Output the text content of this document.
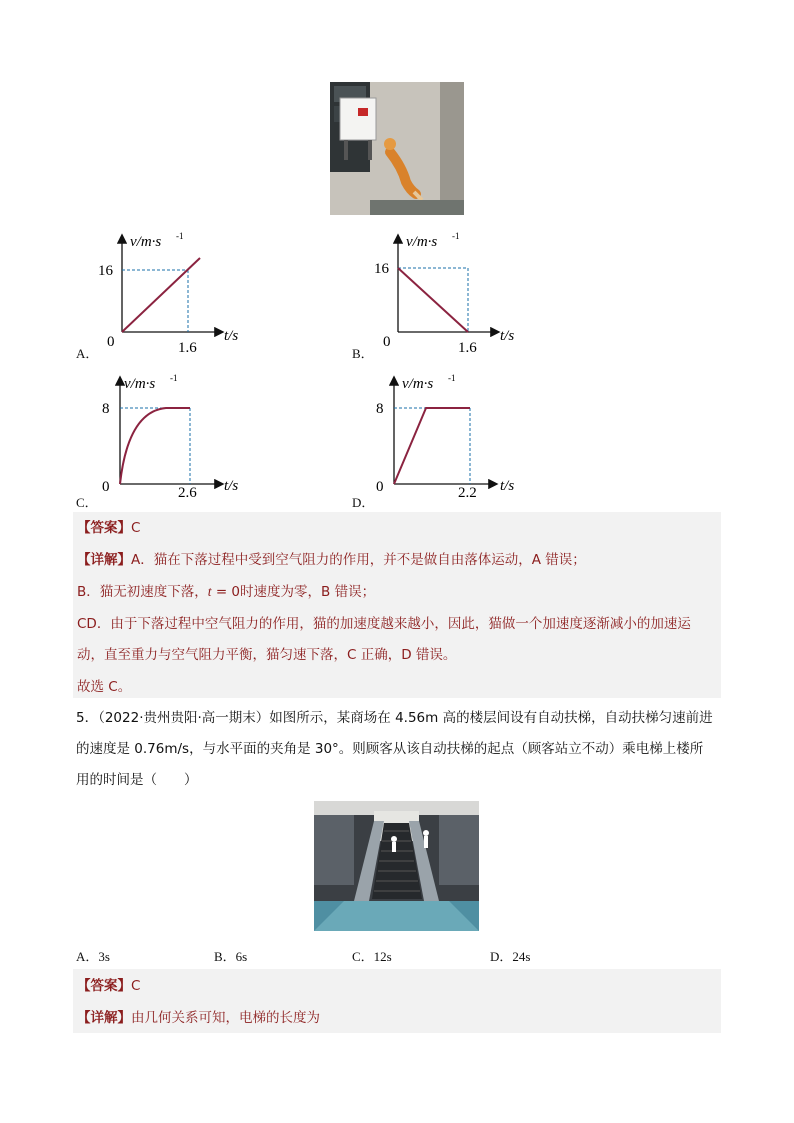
v/m·s -1
16
0	1.6
t/s
A．
v/m·s -1
16
0	1.6
t/s
B．
v/m·s -1
8
0	2.6 t/s
C．
v/m·s -1
8
0	2.2 t/s
D．
【答案】C
【详解】A．猫在下落过程中受到空气阻力的作用，并不是做自由落体运动，A 错误；
B．猫无初速度下落，t = 0时速度为零，B 错误；
CD．由于下落过程中空气阻力的作用，猫的加速度越来越小，因此，猫做一个加速度逐渐减小的加速运
动，直至重力与空气阻力平衡，猫匀速下落，C 正确，D 错误。
故选 C。
5．（2022·贵州贵阳·高一期末）如图所示，某商场在 4.56m 高的楼层间设有自动扶梯，自动扶梯匀速前进
的速度是 0.76m/s，与水平面的夹角是 30°。则顾客从该自动扶梯的起点（顾客站立不动）乘电梯上楼所
用的时间是（　　）
A．3s	B．6s	C．12s	D．24s
【答案】C
【详解】由几何关系可知，电梯的长度为
